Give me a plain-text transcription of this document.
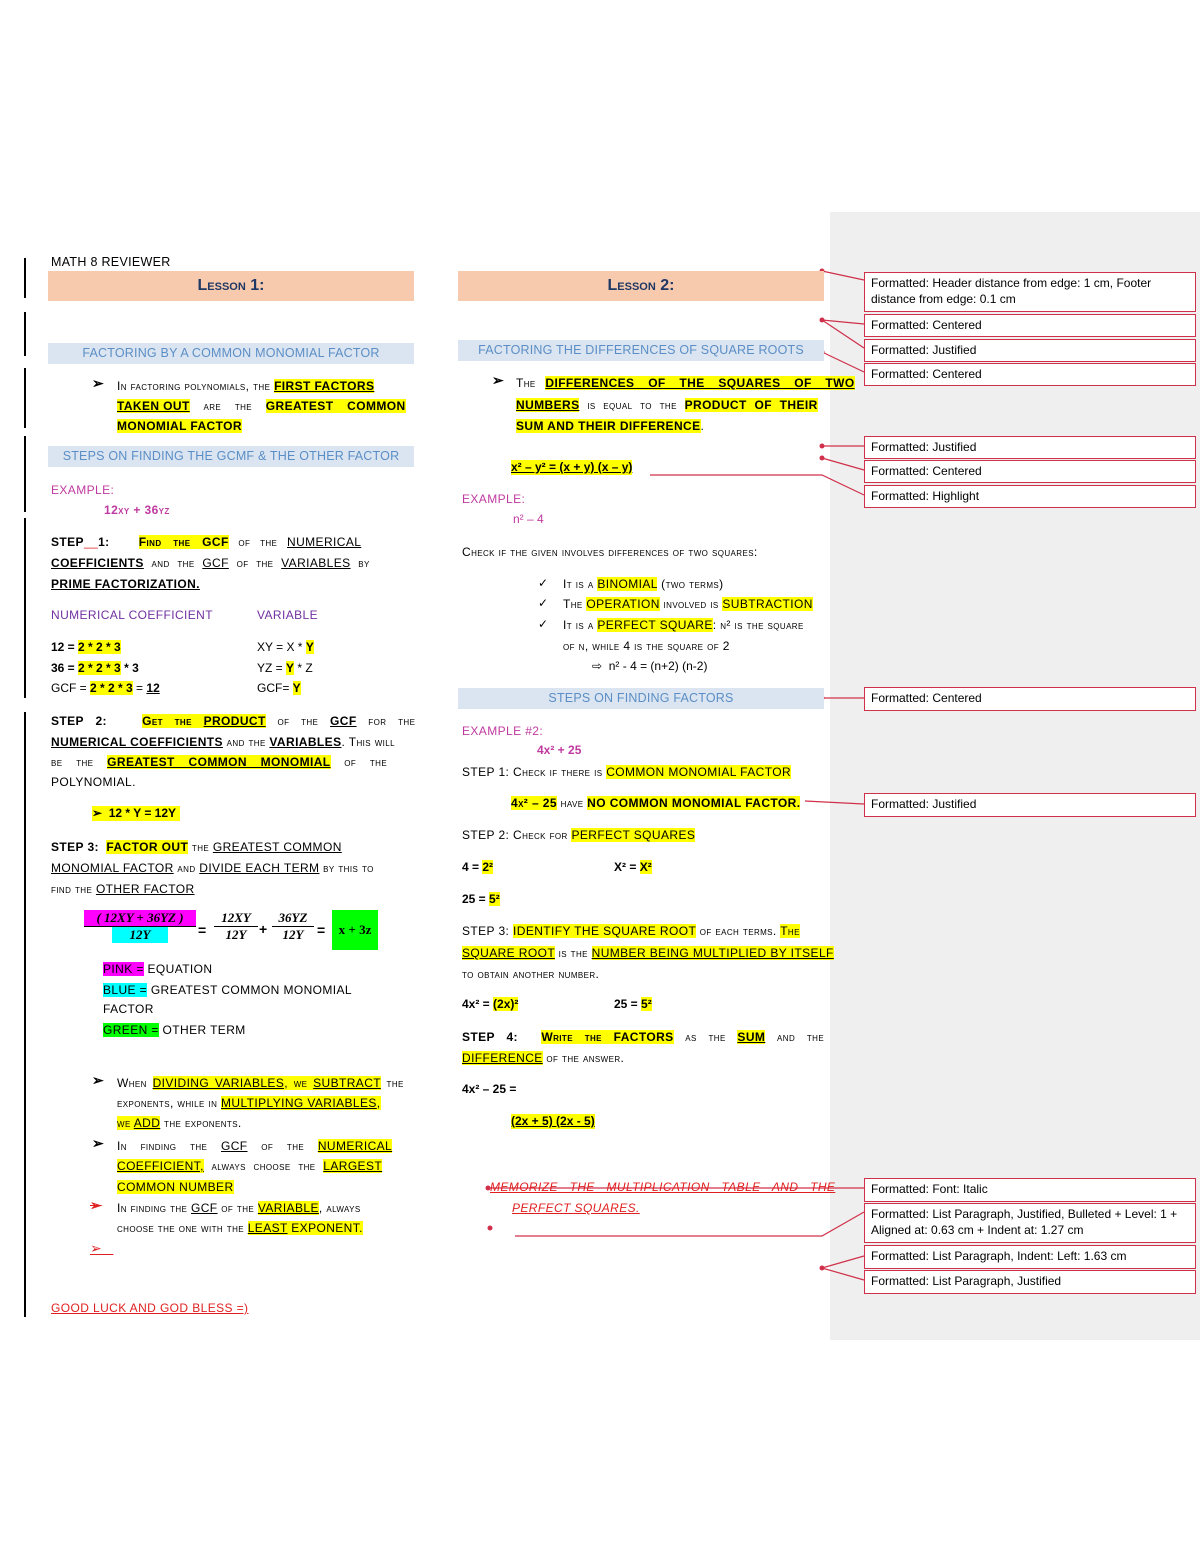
Formatted: Header distance from edge: 1 cm, Footer distance from edge: 0.1 cm
Formatted: Centered
Formatted: Justified
Formatted: Centered
Formatted: Justified
Formatted: Centered
Formatted: Highlight
Formatted: Centered
Formatted: Justified
Formatted: Font: Italic
Formatted: List Paragraph, Justified, Bulleted + Level: 1 + Aligned at: 0.63 cm + Indent at: 1.27 cm
Formatted: List Paragraph, Indent: Left: 1.63 cm
Formatted: List Paragraph, Justified
MATH 8 REVIEWER
Lesson 1:
FACTORING BY A COMMON MONOMIAL FACTOR
➢ In factoring polynomials, the FIRST FACTORS
TAKEN OUT are the GREATEST COMMON
MONOMIAL FACTOR
STEPS ON FINDING THE GCMF & THE OTHER FACTOR
EXAMPLE:
12xy + 36yz
STEP__1: Find the GCF of the NUMERICAL
COEFFICIENTS and the GCF of the VARIABLES by
PRIME FACTORIZATION.
NUMERICAL COEFFICIENT	VARIABLE
12 = 2 * 2 * 3	XY = X * Y
36 = 2 * 2 * 3 * 3	YZ = Y * Z
GCF = 2 * 2 * 3 = 12	GCF= Y
STEP 2:	Get the PRODUCT of the GCF for the
NUMERICAL COEFFICIENTS and the VARIABLES. This will
be the GREATEST COMMON MONOMIAL of the
POLYNOMIAL.
➢ 12 * Y = 12Y
STEP 3: FACTOR OUT the GREATEST COMMON
MONOMIAL FACTOR and DIVIDE EACH TERM by this to
find the OTHER FACTOR
$\frac{( 12XY + 36YZ )}{12Y} = \frac{12XY}{12Y} + \frac{36YZ}{12Y}$ =	x + 3z
PINK = EQUATION
BLUE = GREATEST COMMON MONOMIAL
FACTOR
GREEN = OTHER TERM
➢ When DIVIDING VARIABLES, we SUBTRACT the
exponents, while in MULTIPLYING VARIABLES,
we ADD the exponents.
➢ In finding the GCF of the NUMERICAL
COEFFICIENT, always choose the LARGEST
COMMON NUMBER
➢ In finding the GCF of the VARIABLE, always
choose the one with the LEAST EXPONENT.
➢
GOOD LUCK AND GOD BLESS =)
Lesson 2:
FACTORING THE DIFFERENCES OF SQUARE ROOTS
➢ The DIFFERENCES OF THE SQUARES OF TWO
NUMBERS is equal to the PRODUCT OF THEIR
SUM AND THEIR DIFFERENCE.
x² – y² = (x + y) (x – y)
EXAMPLE:
n² – 4
Check if the given involves differences of two squares:
✓ It is a BINOMIAL (two terms)
✓ The OPERATION involved is SUBTRACTION
✓ It is a PERFECT SQUARE: n² is the square
of n, while 4 is the square of 2
⇨ n² - 4 = (n+2) (n-2)
STEPS ON FINDING FACTORS
EXAMPLE #2:
4x² + 25
STEP 1: Check if there is COMMON MONOMIAL FACTOR
4x² – 25 have NO COMMON MONOMIAL FACTOR.
STEP 2: Check for PERFECT SQUARES
4 = 2²	X² = X²
25 = 5²
STEP 3: IDENTIFY THE SQUARE ROOT of each terms. The
SQUARE ROOT is the NUMBER BEING MULTIPLIED BY ITSELF
to obtain another number.
4x² = (2x)²	25 = 5²
STEP 4:  Write the FACTORS as the SUM and the
DIFFERENCE of the answer.
4x² – 25 =
(2x + 5) (2x - 5)
MEMORIZE THE MULTIPLICATION TABLE AND THE
PERFECT SQUARES.
